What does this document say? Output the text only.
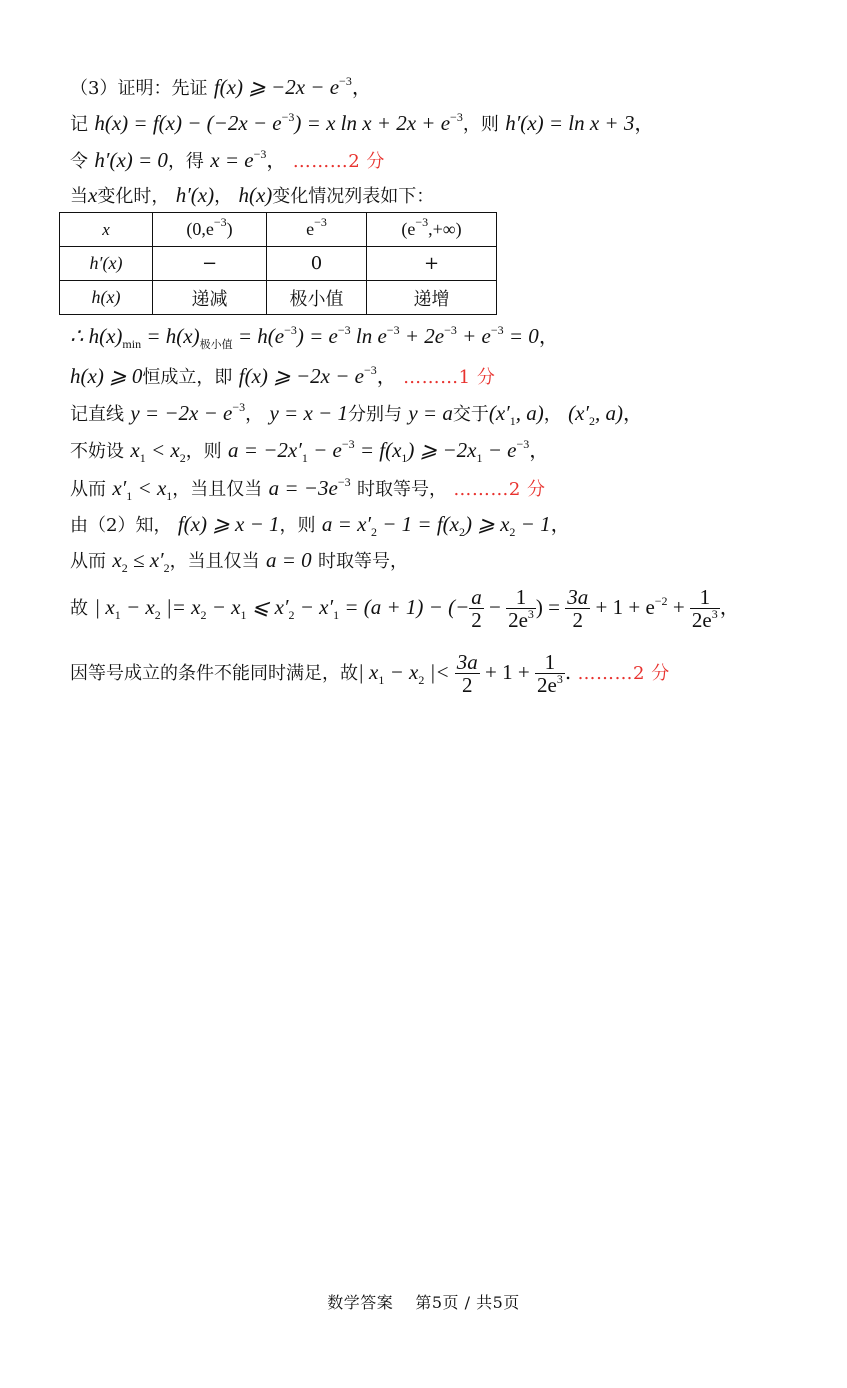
（3）证明：先证 f(x) ⩾ $-2x - e^{-3}$，
记 $h(x) = f(x) - (-2x - e^{-3}) = x$ $\ln x + 2x + e^{-3}$，则 h′(x) = ln x + 3，
令 h′(x) = 0，得 $x = e^{-3}$， ………2 分
当x变化时， h′(x)， h(x)变化情况列表如下：
x	$(0,e^{-3})$	$e^{-3}$	$(e^{-3},+\infty)$
h′(x)	−	0	+
h(x)	递减	极小值	递增
∴ $h(x)_{min} = h(x)_{极小值} = h(e^{-3}) = e^{-3}$ $\ln e^{-3} + 2e^{-3} + e^{-3} = 0$，
h(x) ⩾ 0恒成立，即 f(x) ⩾ $-2x - e^{-3}$， ………1 分
记直线 $y = -2x - e^{-3}$， y = x − 1分别与 y = a交于($x'_1$, a)， ($x'_2$, a)，
不妨设 $x_1 < x_2$，则 $a = -2x'_1 - e^{-3} = f(x_1)$ ⩾ $-2x_1 - e^{-3}$，
从而 $x'_1 < x_1$，当且仅当 $a = -3e^{-3}$ 时取等号， ………2 分
由（2）知， f(x) ⩾ x − 1，则 $a = x'_2 - 1 = f(x_2)$ ⩾ $x_2 - 1$，
从而 $x_2 \le x'_2$，当且仅当 a = 0 时取等号，
故 | $x_1 - x_2$ |= $x_2 - x_1$ ⩽ $x'_2 - x'_1 = (a + 1)$ − (− $\frac{a}{2} - \frac{1}{2e^3}$ ) = $\frac{3a}{2} + 1 + e^{-2} + \frac{1}{2e^3}$ ，
因等号成立的条件不能同时满足，故| $x_1 - x_2$ |< $\frac{3a}{2} + 1 + \frac{1}{2e^3}$ . ………2 分
数学答案  第5页 / 共5页
